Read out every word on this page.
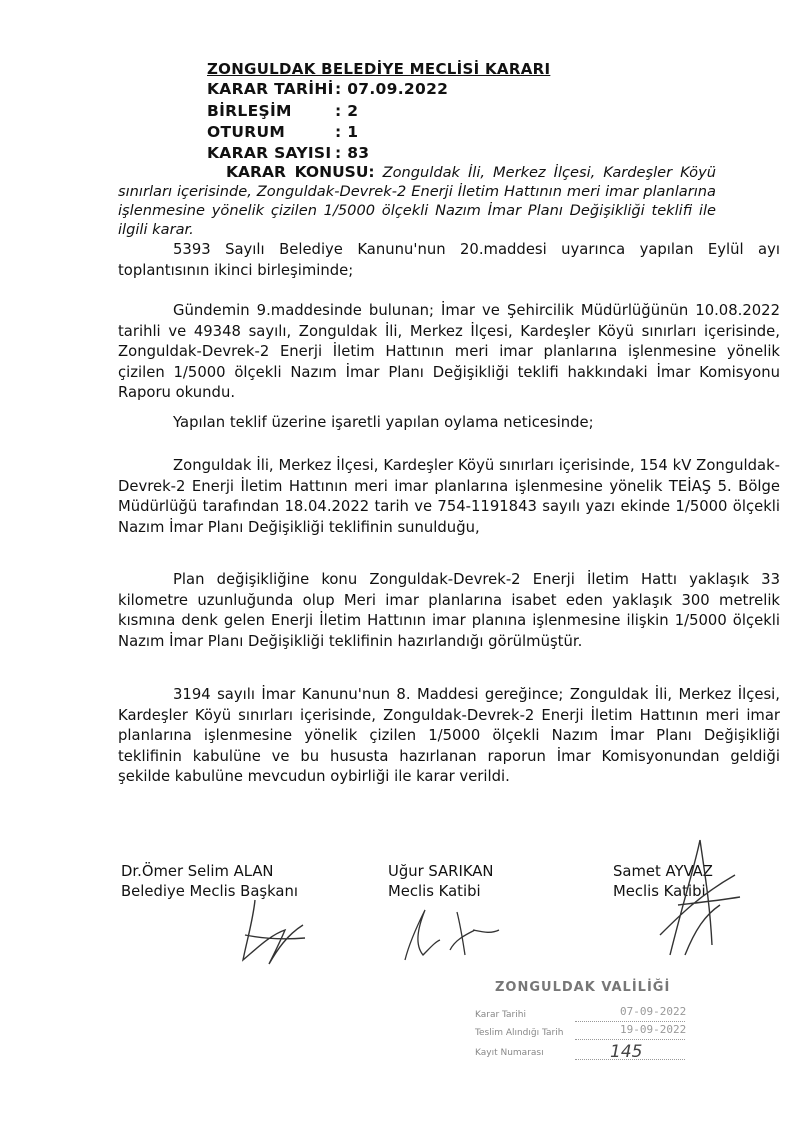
ZONGULDAK BELEDİYE MECLİSİ KARARI
KARAR TARİHİ: 07.09.2022
BİRLEŞİM	: 2
OTURUM	: 1
KARAR SAYISI : 83
KARAR KONUSU: Zonguldak İli, Merkez İlçesi, Kardeşler Köyü sınırları içerisinde, Zonguldak-Devrek-2 Enerji İletim Hattının meri imar planlarına işlenmesine yönelik çizilen 1/5000 ölçekli Nazım İmar Planı Değişikliği teklifi ile ilgili karar.
5393 Sayılı Belediye Kanunu'nun 20.maddesi uyarınca yapılan Eylül ayı toplantısının ikinci birleşiminde;
Gündemin 9.maddesinde bulunan; İmar ve Şehircilik Müdürlüğünün 10.08.2022 tarihli ve 49348 sayılı, Zonguldak İli, Merkez İlçesi, Kardeşler Köyü sınırları içerisinde, Zonguldak-Devrek-2 Enerji İletim Hattının meri imar planlarına işlenmesine yönelik çizilen 1/5000 ölçekli Nazım İmar Planı Değişikliği teklifi hakkındaki İmar Komisyonu Raporu okundu.
Yapılan teklif üzerine işaretli yapılan oylama neticesinde;
Zonguldak İli, Merkez İlçesi, Kardeşler Köyü sınırları içerisinde, 154 kV Zonguldak-Devrek-2 Enerji İletim Hattının meri imar planlarına işlenmesine yönelik TEİAŞ 5. Bölge Müdürlüğü tarafından 18.04.2022 tarih ve 754-1191843 sayılı yazı ekinde 1/5000 ölçekli Nazım İmar Planı Değişikliği teklifinin sunulduğu,
Plan değişikliğine konu Zonguldak-Devrek-2 Enerji İletim Hattı yaklaşık 33 kilometre uzunluğunda olup Meri imar planlarına isabet eden yaklaşık 300 metrelik kısmına denk gelen Enerji İletim Hattının imar planına işlenmesine ilişkin 1/5000 ölçekli Nazım İmar Planı Değişikliği teklifinin hazırlandığı görülmüştür.
3194 sayılı İmar Kanunu'nun 8. Maddesi gereğince; Zonguldak İli, Merkez İlçesi, Kardeşler Köyü sınırları içerisinde, Zonguldak-Devrek-2 Enerji İletim Hattının meri imar planlarına işlenmesine yönelik çizilen 1/5000 ölçekli Nazım İmar Planı Değişikliği teklifinin kabulüne ve bu hususta hazırlanan raporun İmar Komisyonundan geldiği şekilde kabulüne mevcudun oybirliği ile karar verildi.
Dr.Ömer Selim ALAN
Belediye Meclis Başkanı
Uğur SARIKAN
Meclis Katibi
Samet AYVAZ
Meclis Katibi
ZONGULDAK VALİLİĞİ
Karar Tarihi	07-09-2022
Teslim Alındığı Tarih	19-09-2022
Kayıt Numarası	145
